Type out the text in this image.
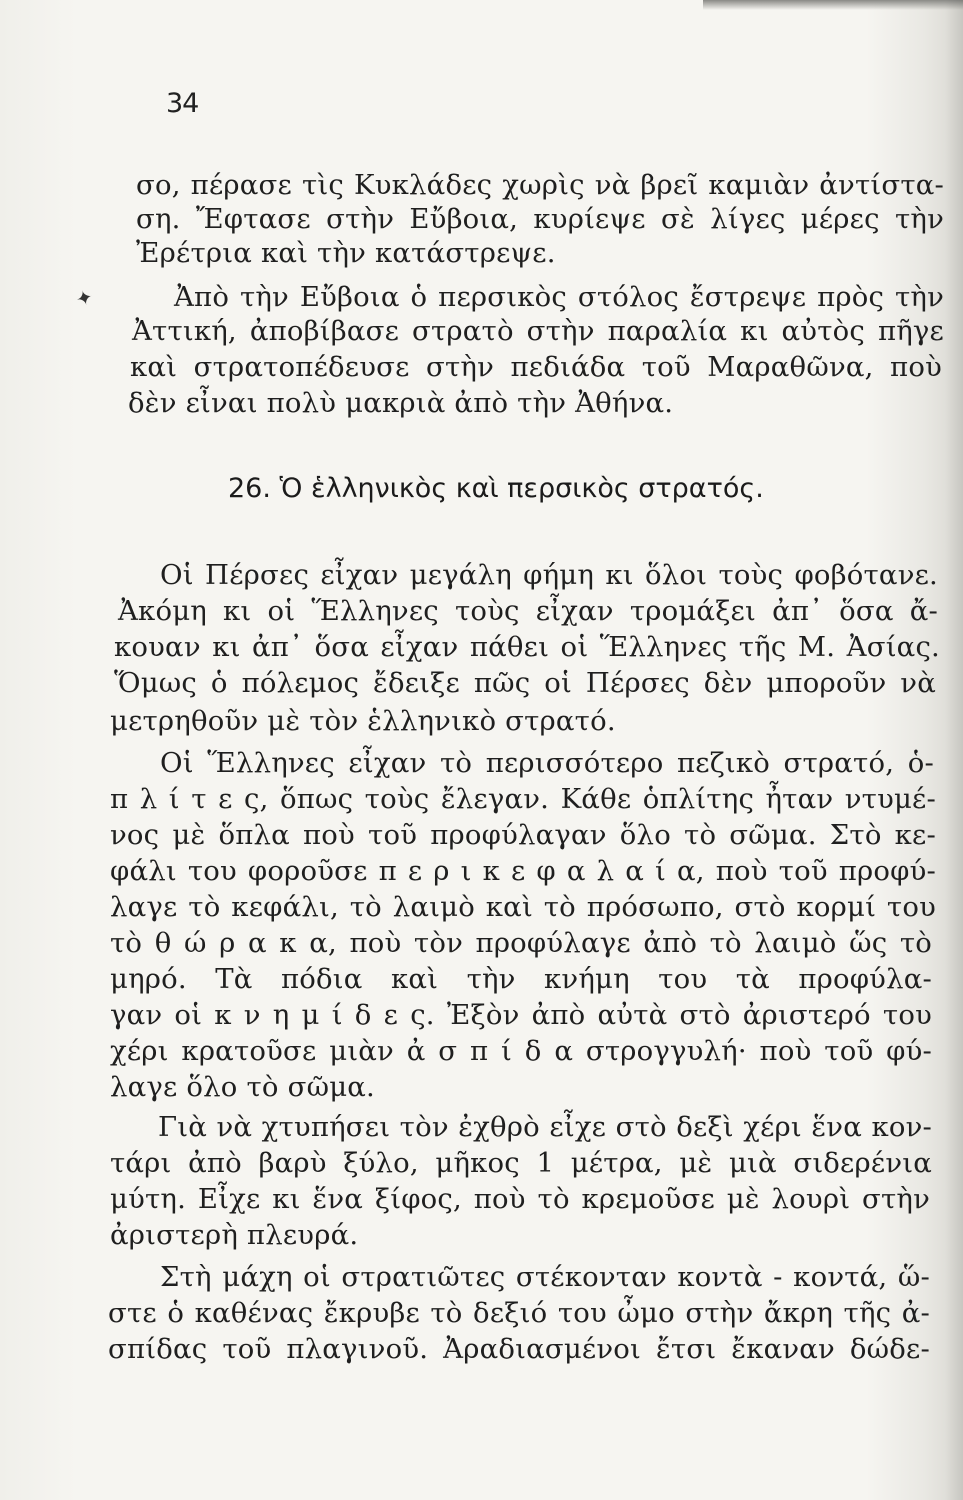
34
✦
σο, πέρασε τὶς Κυκλάδες χωρὶς νὰ βρεῖ καμιὰν ἀντίστα-
ση. Ἔφτασε στὴν Εὔβοια, κυρίεψε σὲ λίγες μέρες τὴν
Ἐρέτρια καὶ τὴν κατάστρεψε.
Ἀπὸ τὴν Εὔβοια ὁ περσικὸς στόλος ἔστρεψε πρὸς τὴν
Ἀττική, ἀποβίβασε στρατὸ στὴν παραλία κι αὐτὸς πῆγε
καὶ στρατοπέδευσε στὴν πεδιάδα τοῦ Μαραθῶνα, ποὺ
δὲν εἶναι πολὺ μακριὰ ἀπὸ τὴν Ἀθήνα.
26. Ὁ ἑλληνικὸς καὶ περσικὸς στρατός.
Οἱ Πέρσες εἶχαν μεγάλη φήμη κι ὅλοι τοὺς φοβότανε.
Ἀκόμη κι οἱ Ἕλληνες τοὺς εἶχαν τρομάξει ἀπ᾽ ὅσα ἄ-
κουαν κι ἀπ᾽ ὅσα εἶχαν πάθει οἱ Ἕλληνες τῆς Μ. Ἀσίας.
Ὅμως ὁ πόλεμος ἔδειξε πῶς οἱ Πέρσες δὲν μποροῦν νὰ
μετρηθοῦν μὲ τὸν ἑλληνικὸ στρατό.
Οἱ Ἕλληνες εἶχαν τὸ περισσότερο πεζικὸ στρατό, ὁ-
π λ ί τ ε ς, ὅπως τοὺς ἔλεγαν. Κάθε ὁπλίτης ἦταν ντυμέ-
νος μὲ ὅπλα ποὺ τοῦ προφύλαγαν ὅλο τὸ σῶμα. Στὸ κε-
φάλι του φοροῦσε π ε ρ ι κ ε φ α λ α ί α, ποὺ τοῦ προφύ-
λαγε τὸ κεφάλι, τὸ λαιμὸ καὶ τὸ πρόσωπο, στὸ κορμί του
τὸ θ ώ ρ α κ α, ποὺ τὸν προφύλαγε ἀπὸ τὸ λαιμὸ ὥς τὸ
μηρό. Τὰ πόδια καὶ τὴν κνήμη του τὰ προφύλα-
γαν οἱ κ ν η μ ί δ ε ς. Ἐξὸν ἀπὸ αὐτὰ στὸ ἀριστερό του
χέρι κρατοῦσε μιὰν ἀ σ π ί δ α στρογγυλή· ποὺ τοῦ φύ-
λαγε ὅλο τὸ σῶμα.
Γιὰ νὰ χτυπήσει τὸν ἐχθρὸ εἶχε στὸ δεξὶ χέρι ἕνα κον-
τάρι ἀπὸ βαρὺ ξύλο, μῆκος 1 μέτρα, μὲ μιὰ σιδερένια
μύτη. Εἶχε κι ἕνα ξίφος, ποὺ τὸ κρεμοῦσε μὲ λουρὶ στὴν
ἀριστερὴ πλευρά.
Στὴ μάχη οἱ στρατιῶτες στέκονταν κοντὰ - κοντά, ὥ-
στε ὁ καθένας ἔκρυβε τὸ δεξιό του ὦμο στὴν ἄκρη τῆς ἀ-
σπίδας τοῦ πλαγινοῦ. Ἀραδιασμένοι ἔτσι ἔκαναν δώδε-
